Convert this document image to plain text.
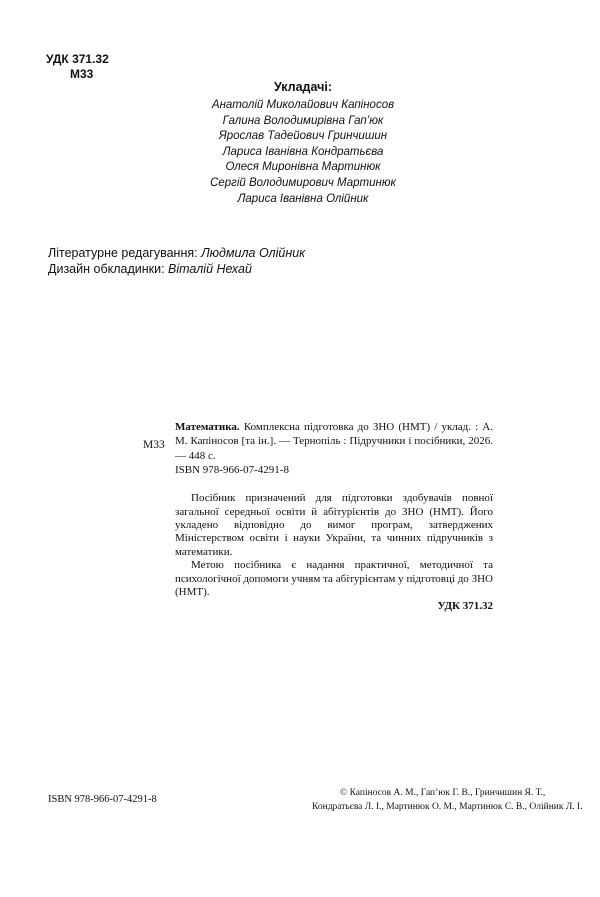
УДК 371.32
М33
Укладачі:
Анатолій Миколайович Капіносов
Галина Володимирівна Гап’юк
Ярослав Тадейович Гринчишин
Лариса Іванівна Кондратьєва
Олеся Миронівна Мартинюк
Сергій Володимирович Мартинюк
Лариса Іванівна Олійник
Літературне редагування: Людмила Олійник
Дизайн обкладинки: Віталій Нехай
М33
Математика. Комплексна підготовка до ЗНО (НМТ) / уклад. : А. М. Капіносов [та ін.]. — Тернопіль : Підручники і посібники, 2026. — 448 с.
ISBN 978-966-07-4291-8
Посібник призначений для підготовки здобувачів повної загальної середньої освіти й абітурієнтів до ЗНО (НМТ). Його укладено відповідно до вимог програм, затверджених Міністерством освіти і науки України, та чинних підручників з математики.
Метою посібника є надання практичної, методичної та психологічної допомоги учням та абітурієнтам у підготовці до ЗНО (НМТ).
УДК 371.32
ISBN 978-966-07-4291-8
© Капіносов А. М., Гап’юк Г. В., Гринчишин Я. Т.,
Кондратьєва Л. І., Мартинюк О. М., Мартинюк С. В., Олійник Л. І.
